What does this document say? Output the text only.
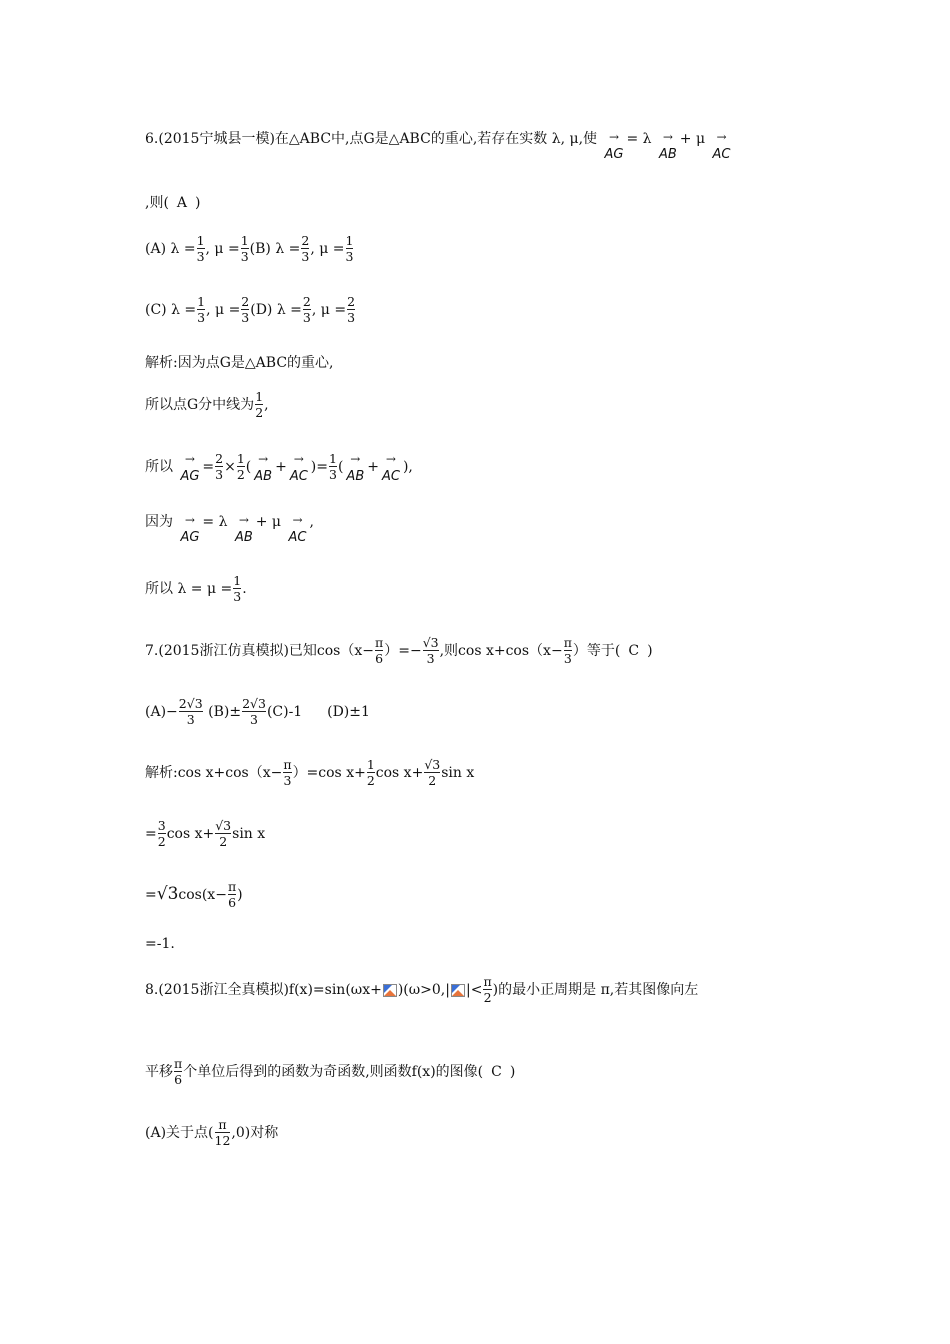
6.(2015宁城县一模)在△ABC中,点G是△ABC的重心,若存在实数 λ, μ,使 →
AG
= λ →
AB
+ μ →
AC
,则( A )
(A) $\lambda = \frac{1}{3}$ , $\mu = \frac{1}{3} (B) \lambda = \frac{2}{3}$ , $\mu = \frac{1}{3}$
(C) $\lambda = \frac{1}{3}$ , $\mu = \frac{2}{3} (D) \lambda = \frac{2}{3}$ , $\mu = \frac{2}{3}$
解析:因为点G是△ABC的重心,
所以点G分中线为 $\frac{1}{2}$ ,
所以 →
AG
= $\frac{2}{3} \times \frac{1}{2}$ ( →
AB
+ →
AC
)= $\frac{1}{3}$ ( →
AB
+ →
AC
),
因为 →
AG
= λ →
AB
+ μ →
AC
,
所以 $\lambda = \mu = \frac{1}{3}$ .
7.(2015浙江仿真模拟)已知$\cos(x- \frac{\pi}{6}$ ）=− $\frac{√3}{3}$ ,则$\cos x+\cos(x- \frac{\pi}{3}$ ）等于( C )
$(A)- \frac{2√3}{3} (B)\pm \frac{2√3}{3} (C)-1$ (D)±1
解析:cos $x+\cos(x- \frac{\pi}{3} )=\cos$ $x+ \frac{1}{2}$ $\cos x+ \frac{√3}{2}$ sin x
= $\frac{3}{2}$ $\cos x+ \frac{√3}{2}$ sin x
$=√3\cos(x- \frac{\pi}{6}$ )
=-1.
8.(2015浙江全真模拟)f(x)=sin(ωx+ )(ω>0,| |< $\frac{\pi}{2}$ )的最小正周期是 π,若其图像向左
平移 $\frac{\pi}{6}$ 个单位后得到的函数为奇函数,则函数f(x)的图像( C )
(A)关于点( $\frac{\pi}{12} ,0$)对称
